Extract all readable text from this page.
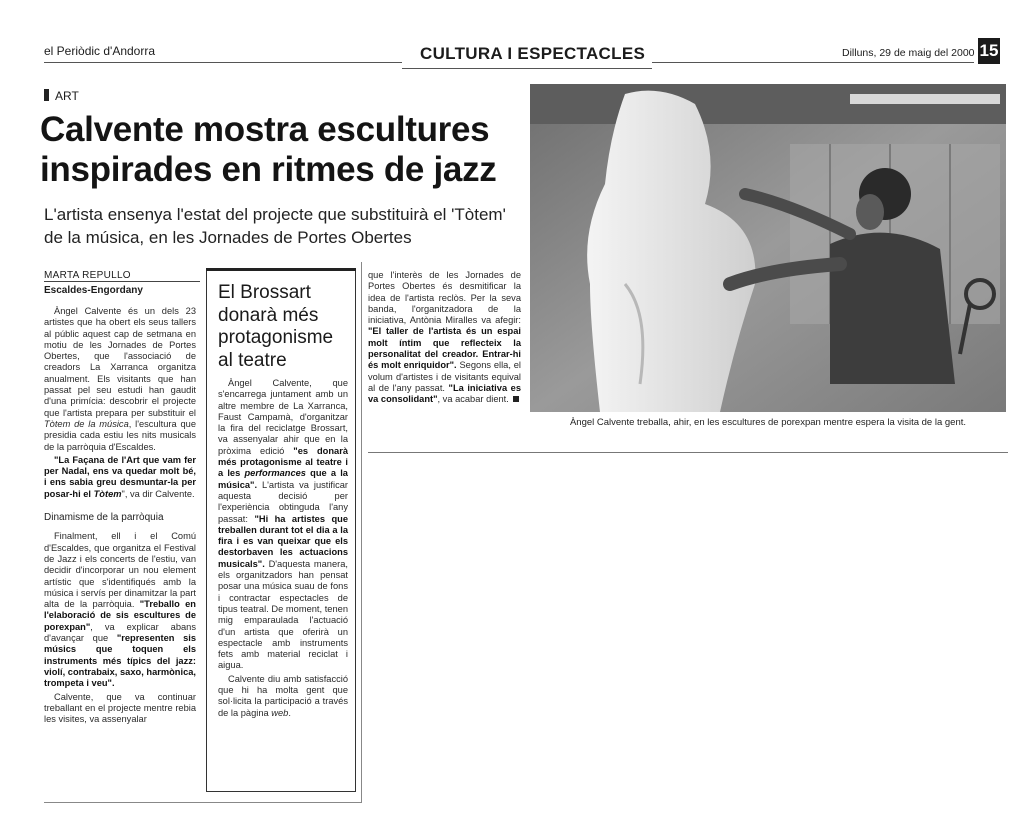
el Periòdic d'Andorra	CULTURA I ESPECTACLES	Dilluns, 29 de maig del 2000 15
ART
Calvente mostra escultures inspirades en ritmes de jazz
L'artista ensenya l'estat del projecte que substituirà el 'Tòtem' de la música, en les Jornades de Portes Obertes
MARTA REPULLO
Escaldes-Engordany

Àngel Calvente és un dels 23 artistes que ha obert els seus tallers al públic aquest cap de setmana en motiu de les Jornades de Portes Obertes, que l'associació de creadors La Xarranca organitza anualment. Els visitants que han passat pel seu estudi han gaudit d'una primícia: descobrir el projecte que l'artista prepara per substituir el Tòtem de la música, l'escultura que presidia cada estiu les nits musicals de la parròquia d'Escaldes.

"La Façana de l'Art que vam fer per Nadal, ens va quedar molt bé, i ens sabia greu desmuntar-la per posar-hi el Tòtem", va dir Calvente.

Dinamisme de la parròquia

Finalment, ell i el Comú d'Escaldes, que organitza el Festival de Jazz i els concerts de l'estiu, van decidir d'incorporar un nou element artístic que s'identifiqués amb la música i servís per dinamitzar la part alta de la parròquia. "Treballo en l'elaboració de sis escultures de porexpan", va explicar abans d'avançar que "representen sis músics que toquen els instruments més típics del jazz: violí, contrabaix, saxo, harmònica, trompeta i veu".

Calvente, que va continuar treballant en el projecte mentre rebia les visites, va assenyalar

El Brossart donarà més protagonisme al teatre

Àngel Calvente, que s'encarrega juntament amb un altre membre de La Xarranca, Faust Campamà, d'organitzar la fira del reciclatge Brossart, va assenyalar ahir que en la pròxima edició "es donarà més protagonisme al teatre i a les performances que a la música". L'artista va justificar aquesta decisió per l'experiència obtinguda l'any passat: "Hi ha artistes que treballen durant tot el dia a la fira i es van queixar que els destorbaven les actuacions musicals". D'aquesta manera, els organitzadors han pensat posar una música suau de fons i contractar espectacles de tipus teatral. De moment, tenen mig emparaulada l'actuació d'un artista que oferirà un espectacle amb instruments fets amb material reciclat i aigua.

Calvente diu amb satisfacció que hi ha molta gent que sol·licita la participació a través de la pàgina web.

que l'interès de les Jornades de Portes Obertes és desmitificar la idea de l'artista reclòs. Per la seva banda, l'organitzadora de la iniciativa, Antònia Miralles va afegir: "El taller de l'artista és un espai molt íntim que reflecteix la personalitat del creador. Entrar-hi és molt enriquidor". Segons ella, el volum d'artistes i de visitants equival al de l'any passat. "La iniciativa es va consolidant", va acabar dient.

Àngel Calvente treballa, ahir, en les escultures de porexpan mentre espera la visita de la gent.
